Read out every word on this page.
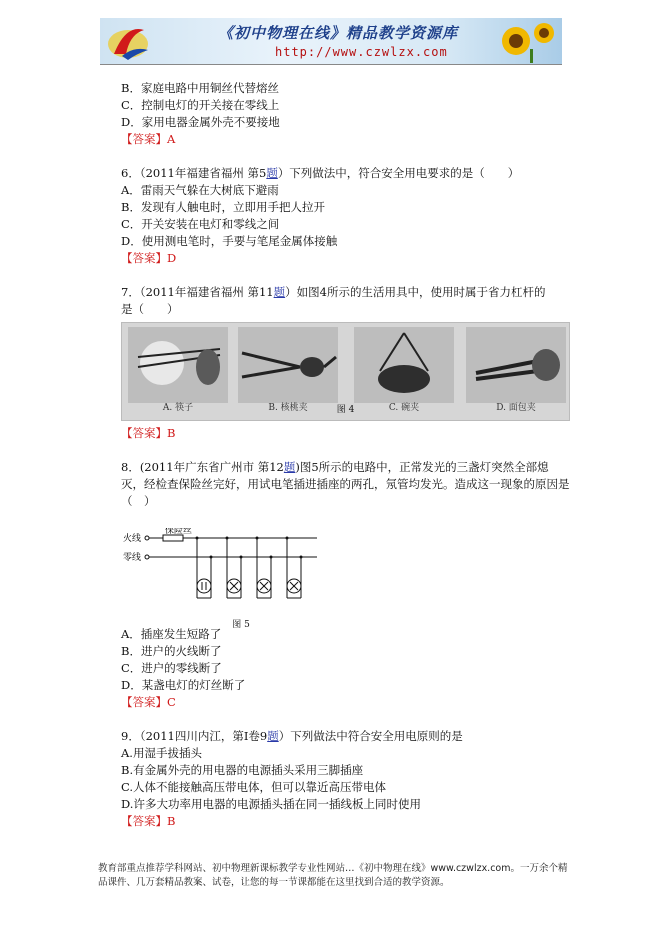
《初中物理在线》精品教学资源库
http://www.czwlzx.com
B．家庭电路中用铜丝代替熔丝
C．控制电灯的开关接在零线上
D．家用电器金属外壳不要接地
【答案】A
6．（2011年福建省福州 第5题）下列做法中，符合安全用电要求的是（　　）
A．雷雨天气躲在大树底下避雨
B．发现有人触电时，立即用手把人拉开
C．开关安装在电灯和零线之间
D．使用测电笔时，手要与笔尾金属体接触
【答案】D
7．（2011年福建省福州 第11题）如图4所示的生活用具中，使用时属于省力杠杆的
是（　　）
A. 筷子	B. 核桃夹	C. 碗夹	D. 面包夹
图 4
【答案】B
8．(2011年广东省广州市 第12题)图5所示的电路中，正常发光的三盏灯突然全部熄灭，经检查保险丝完好，用试电笔插进插座的两孔，氖管均发光。造成这一现象的原因是（　）
火线
零线
保险丝
图 5
A．插座发生短路了
B．进户的火线断了
C．进户的零线断了
D．某盏电灯的灯丝断了
【答案】C
9．（2011四川内江，第Ⅰ卷9题）下列做法中符合安全用电原则的是
A.用湿手拔插头
B.有金属外壳的用电器的电源插头采用三脚插座
C.人体不能接触高压带电体，但可以靠近高压带电体
D.许多大功率用电器的电源插头插在同一插线板上同时使用
【答案】B
教育部重点推荐学科网站、初中物理新课标教学专业性网站…《初中物理在线》www.czwlzx.com。一万余个精品课件、几万套精品教案、试卷，让您的每一节课都能在这里找到合适的教学资源。
